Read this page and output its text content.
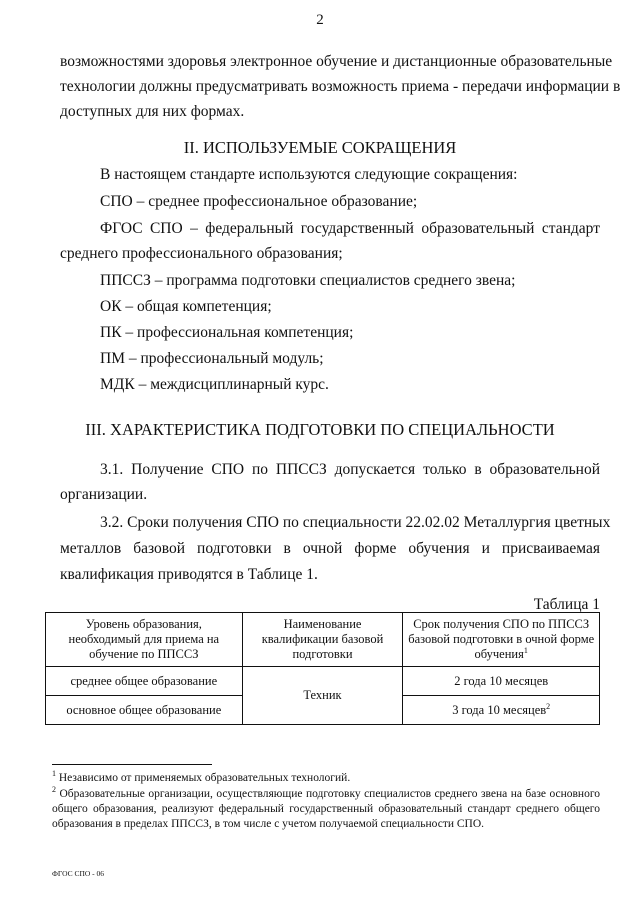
2
возможностями здоровья электронное обучение и дистанционные образовательные
технологии должны предусматривать возможность приема - передачи информации в
доступных для них формах.
II. ИСПОЛЬЗУЕМЫЕ СОКРАЩЕНИЯ
В настоящем стандарте используются следующие сокращения:
СПО – среднее профессиональное образование;
ФГОС СПО – федеральный государственный образовательный стандарт
среднего профессионального образования;
ППССЗ – программа подготовки специалистов среднего звена;
ОК – общая компетенция;
ПК – профессиональная компетенция;
ПМ – профессиональный модуль;
МДК – междисциплинарный курс.
III. ХАРАКТЕРИСТИКА ПОДГОТОВКИ ПО СПЕЦИАЛЬНОСТИ
3.1. Получение СПО по ППССЗ допускается только в образовательной
организации.
3.2. Сроки получения СПО по специальности 22.02.02 Металлургия цветных
металлов базовой подготовки в очной форме обучения и присваиваемая
квалификация приводятся в Таблице 1.
Таблица 1
Уровень образования, необходимый для приема на обучение по ППССЗ	Наименование квалификации базовой подготовки	Срок получения СПО по ППССЗ базовой подготовки в очной форме обучения$^1$
среднее общее образование	Техник	2 года 10 месяцев
основное общее образование		3 года 10 месяцев$^2$
$^1$ Независимо от применяемых образовательных технологий.
$^2$ Образовательные организации, осуществляющие подготовку специалистов среднего звена на базе основного общего образования, реализуют федеральный государственный образовательный стандарт среднего общего образования в пределах ППССЗ, в том числе с учетом получаемой специальности СПО.
ФГОС СПО - 06
